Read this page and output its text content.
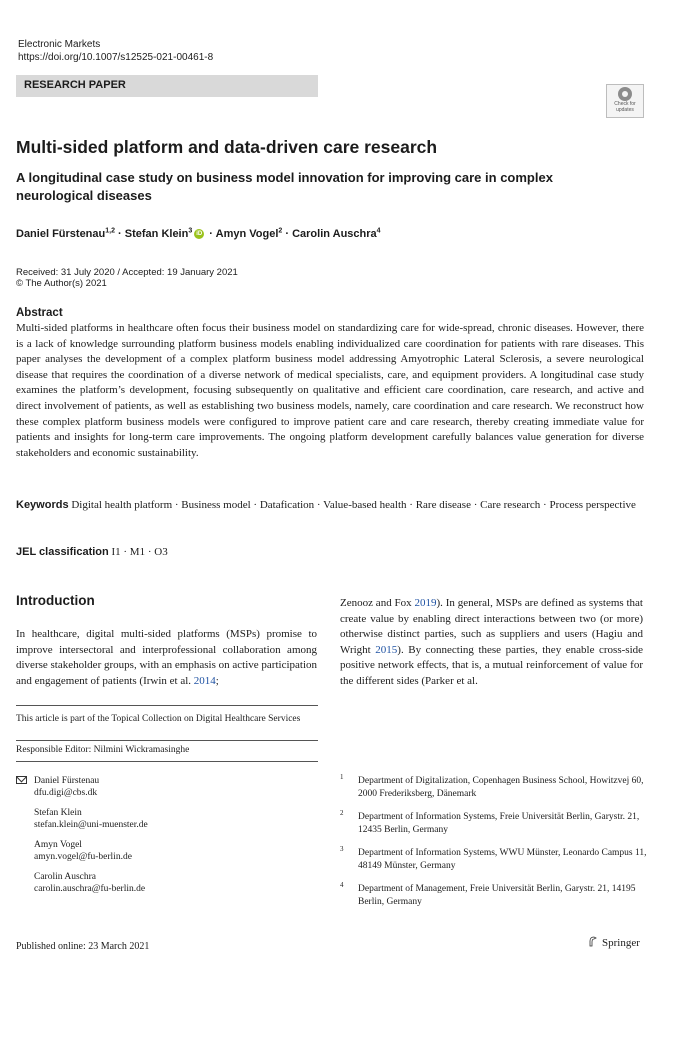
Electronic Markets
https://doi.org/10.1007/s12525-021-00461-8
RESEARCH PAPER
Check for updates
Multi-sided platform and data-driven care research
A longitudinal case study on business model innovation for improving care in complex neurological diseases
Daniel Fürstenau$^{1,2}$ · Stefan Klein$^3$ iD · Amyn Vogel$^2$ · Carolin Auschra$^4$
Received: 31 July 2020 / Accepted: 19 January 2021
© The Author(s) 2021
Abstract
Multi-sided platforms in healthcare often focus their business model on standardizing care for wide-spread, chronic diseases. However, there is a lack of knowledge surrounding platform business models enabling individualized care coordination for patients with rare diseases. This paper analyses the development of a complex platform business model addressing Amyotrophic Lateral Sclerosis, a severe neurological disease that requires the coordination of a diverse network of medical specialists, care, and equipment providers. A longitudinal case study examines the platform’s development, focusing subsequently on qualitative and efficient care coordination, care research, and active and direct involvement of patients, as well as establishing two business models, namely, care coordination and care research. We reconstruct how these complex platform business models were configured to improve patient care and care research, thereby creating immediate value for patients and insights for long-term care improvements. The ongoing platform development carefully balances value generation for diverse stakeholders and economic sustainability.
Keywords Digital health platform · Business model · Datafication · Value-based health · Rare disease · Care research · Process perspective
JEL classification I1 · M1 · O3
Introduction
In healthcare, digital multi-sided platforms (MSPs) promise to improve intersectoral and interprofessional collaboration among diverse stakeholder groups, with an emphasis on active participation and engagement of patients (Irwin et al. 2014;
Zenooz and Fox 2019). In general, MSPs are defined as systems that create value by enabling direct interactions between two (or more) otherwise distinct parties, such as suppliers and users (Hagiu and Wright 2015). By connecting these parties, they enable cross-side positive network effects, that is, a mutual reinforcement of value for the different sides (Parker et al.
This article is part of the Topical Collection on Digital Healthcare Services
Responsible Editor: Nilmini Wickramasinghe
Daniel Fürstenau
dfu.digi@cbs.dk
Stefan Klein
stefan.klein@uni-muenster.de
Amyn Vogel
amyn.vogel@fu-berlin.de
Carolin Auschra
carolin.auschra@fu-berlin.de
1 Department of Digitalization, Copenhagen Business School, Howitzvej 60, 2000 Frederiksberg, Dänemark
2 Department of Information Systems, Freie Universität Berlin, Garystr. 21, 12435 Berlin, Germany
3 Department of Information Systems, WWU Münster, Leonardo Campus 11, 48149 Münster, Germany
4 Department of Management, Freie Universität Berlin, Garystr. 21, 14195 Berlin, Germany
Published online: 23 March 2021	Springer
